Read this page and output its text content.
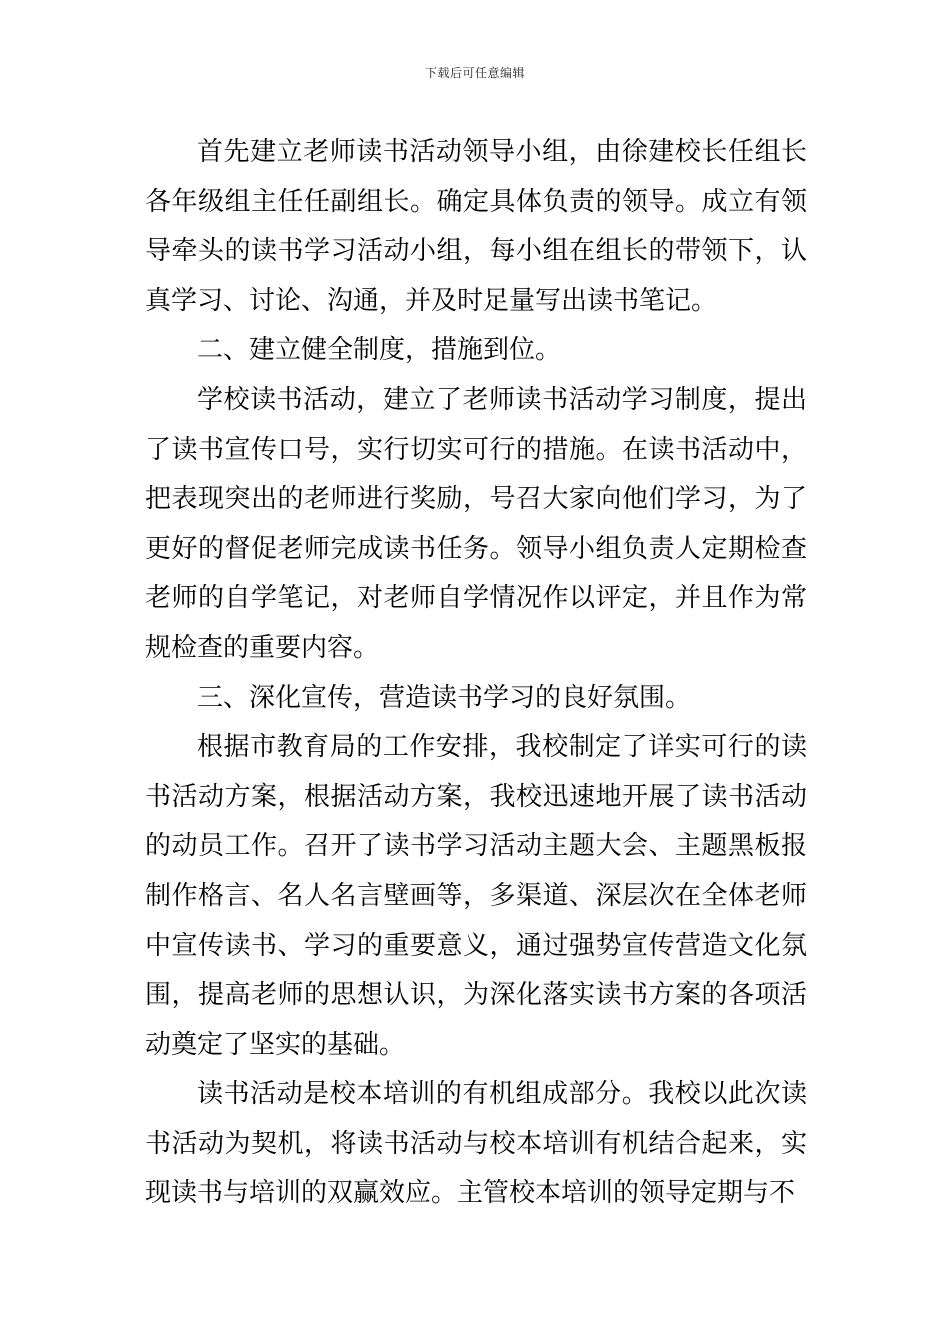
下载后可任意编辑

首先建立老师读书活动领导小组，由徐建校长任组长各年级组主任任副组长。确定具体负责的领导。成立有领导牵头的读书学习活动小组，每小组在组长的带领下，认真学习、讨论、沟通，并及时足量写出读书笔记。

二、建立健全制度，措施到位。

学校读书活动，建立了老师读书活动学习制度，提出了读书宣传口号，实行切实可行的措施。在读书活动中，把表现突出的老师进行奖励，号召大家向他们学习，为了更好的督促老师完成读书任务。领导小组负责人定期检查老师的自学笔记，对老师自学情况作以评定，并且作为常规检查的重要内容。

三、深化宣传，营造读书学习的良好氛围。

根据市教育局的工作安排，我校制定了详实可行的读书活动方案，根据活动方案，我校迅速地开展了读书活动的动员工作。召开了读书学习活动主题大会、主题黑板报制作格言、名人名言壁画等，多渠道、深层次在全体老师中宣传读书、学习的重要意义，通过强势宣传营造文化氛围，提高老师的思想认识，为深化落实读书方案的各项活动奠定了坚实的基础。

读书活动是校本培训的有机组成部分。我校以此次读书活动为契机，将读书活动与校本培训有机结合起来，实现读书与培训的双赢效应。主管校本培训的领导定期与不
